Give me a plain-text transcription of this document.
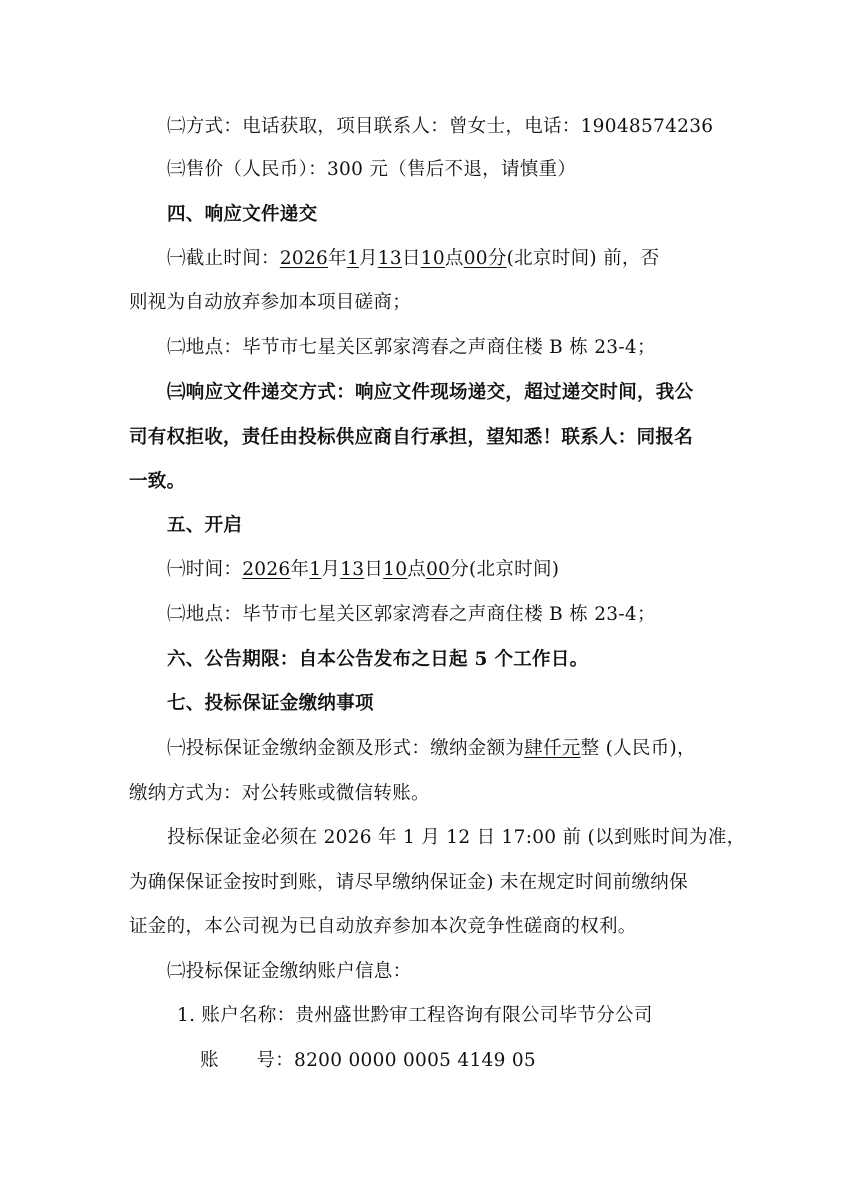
㈡方式：电话获取，项目联系人：曾女士，电话：19048574236
㈢售价（人民币）：300 元（售后不退，请慎重）
四、响应文件递交
㈠截止时间：2026年1月13日10点00分(北京时间) 前，否
则视为自动放弃参加本项目磋商；
㈡地点：毕节市七星关区郭家湾春之声商住楼 B 栋 23-4；
㈢响应文件递交方式：响应文件现场递交，超过递交时间，我公
司有权拒收，责任由投标供应商自行承担，望知悉！联系人：同报名
一致。
五、开启
㈠时间：2026年1月13日10点00分(北京时间)
㈡地点：毕节市七星关区郭家湾春之声商住楼 B 栋 23-4；
六、公告期限：自本公告发布之日起 5 个工作日。
七、投标保证金缴纳事项
㈠投标保证金缴纳金额及形式：缴纳金额为肆仟元整 (人民币)，
缴纳方式为：对公转账或微信转账。
投标保证金必须在 2026 年 1 月 12 日 17:00 前 (以到账时间为准，
为确保保证金按时到账，请尽早缴纳保证金) 未在规定时间前缴纳保
证金的，本公司视为已自动放弃参加本次竞争性磋商的权利。
㈡投标保证金缴纳账户信息：
1. 账户名称：贵州盛世黔审工程咨询有限公司毕节分公司
账　　号：8200 0000 0005 4149 05
